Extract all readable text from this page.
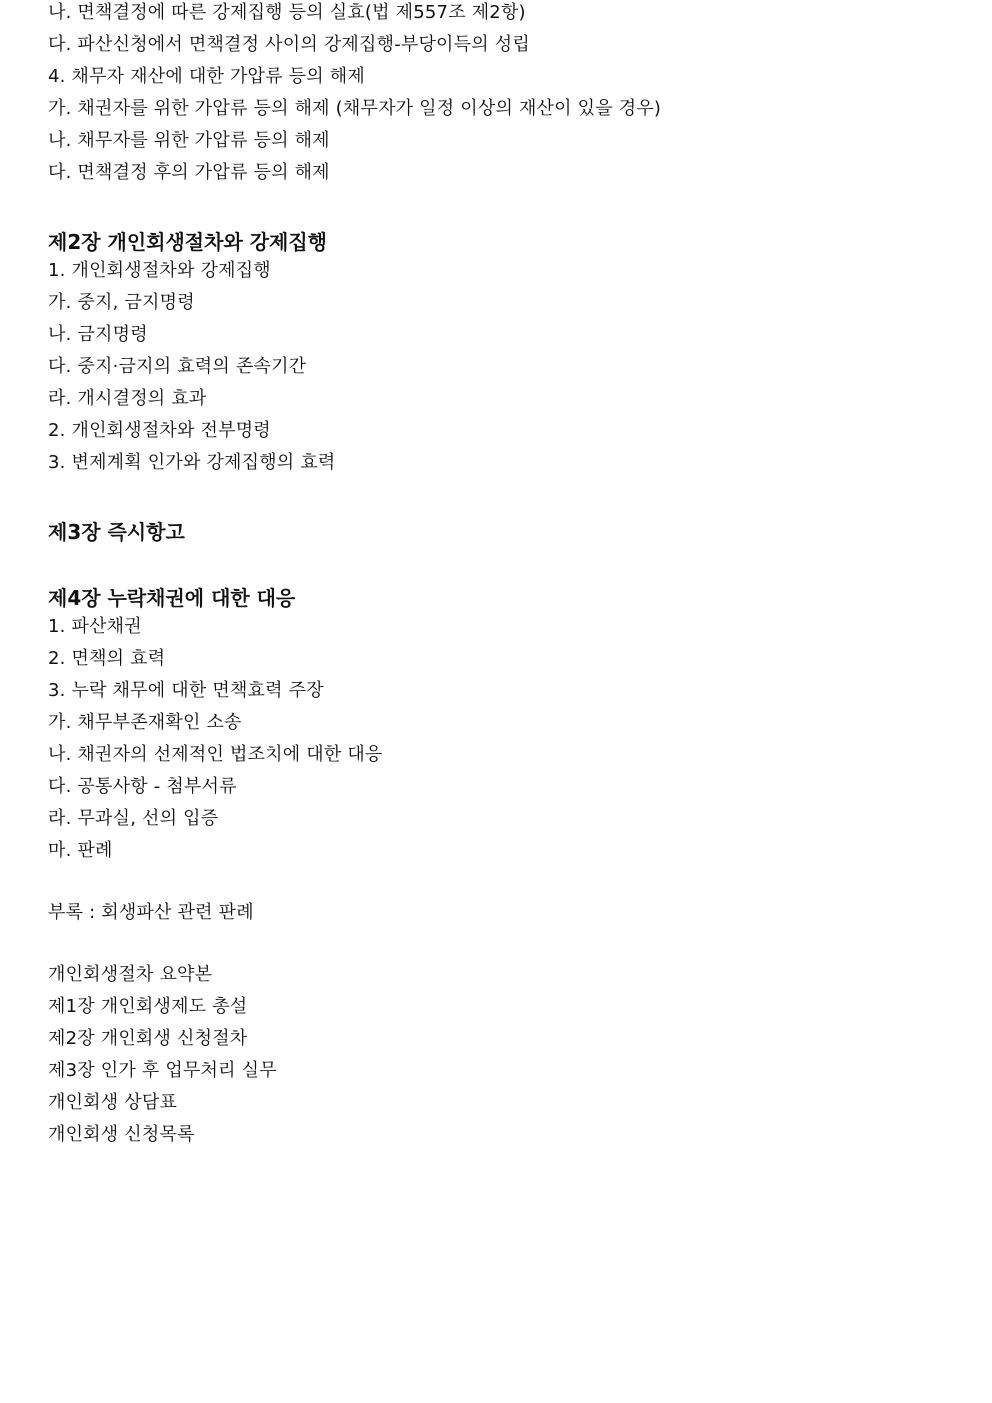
나. 면책결정에 따른 강제집행 등의 실효(법 제557조 제2항)
다. 파산신청에서 면책결정 사이의 강제집행-부당이득의 성립
4. 채무자 재산에 대한 가압류 등의 해제
가. 채권자를 위한 가압류 등의 해제 (채무자가 일정 이상의 재산이 있을 경우)
나. 채무자를 위한 가압류 등의 해제
다. 면책결정 후의 가압류 등의 해제
제2장 개인회생절차와 강제집행
1. 개인회생절차와 강제집행
가. 중지, 금지명령
나. 금지명령
다. 중지·금지의 효력의 존속기간
라. 개시결정의 효과
2. 개인회생절차와 전부명령
3. 변제계획 인가와 강제집행의 효력
제3장 즉시항고
제4장 누락채권에 대한 대응
1. 파산채권
2. 면책의 효력
3. 누락 채무에 대한 면책효력 주장
가. 채무부존재확인 소송
나. 채권자의 선제적인 법조치에 대한 대응
다. 공통사항 - 첨부서류
라. 무과실, 선의 입증
마. 판례
부록 : 회생파산 관련 판례
개인회생절차 요약본
제1장 개인회생제도 총설
제2장 개인회생 신청절차
제3장 인가 후 업무처리 실무
개인회생 상담표
개인회생 신청목록
